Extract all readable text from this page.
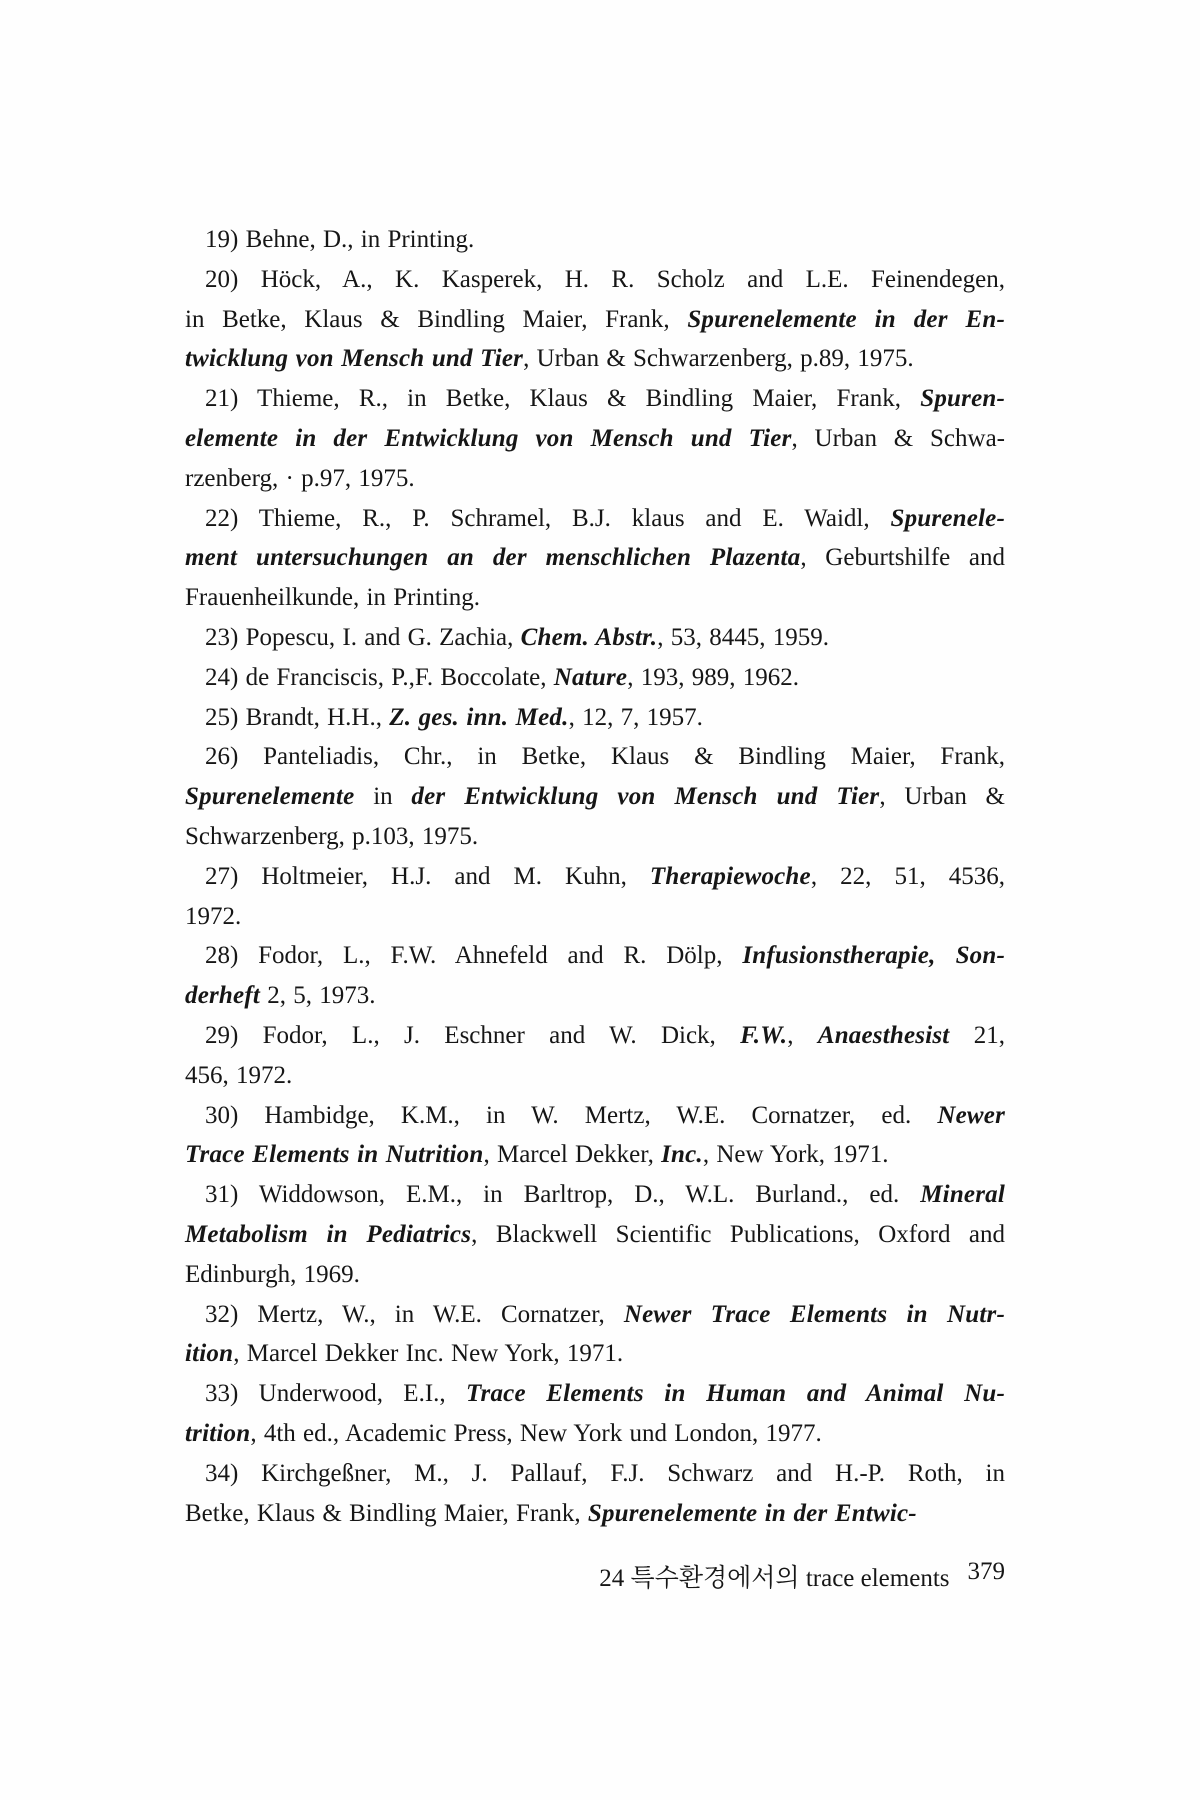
19) Behne, D., in Printing.
20) Höck, A., K. Kasperek, H. R. Scholz and L.E. Feinendegen,
in Betke, Klaus & Bindling Maier, Frank, Spurenelemente in der En-
twicklung von Mensch und Tier, Urban & Schwarzenberg, p.89, 1975.
21) Thieme, R., in Betke, Klaus & Bindling Maier, Frank, Spuren-
elemente in der Entwicklung von Mensch und Tier, Urban & Schwa-
rzenberg, · p.97, 1975.
22) Thieme, R., P. Schramel, B.J. klaus and E. Waidl, Spurenele-
ment untersuchungen an der menschlichen Plazenta, Geburtshilfe and
Frauenheilkunde, in Printing.
23) Popescu, I. and G. Zachia, Chem. Abstr., 53, 8445, 1959.
24) de Franciscis, P.,F. Boccolate, Nature, 193, 989, 1962.
25) Brandt, H.H., Z. ges. inn. Med., 12, 7, 1957.
26) Panteliadis, Chr., in Betke, Klaus & Bindling Maier, Frank,
Spurenelemente in der Entwicklung von Mensch und Tier, Urban &
Schwarzenberg, p.103, 1975.
27) Holtmeier, H.J. and M. Kuhn, Therapiewoche, 22, 51, 4536,
1972.
28) Fodor, L., F.W. Ahnefeld and R. Dölp, Infusionstherapie, Son-
derheft 2, 5, 1973.
29) Fodor, L., J. Eschner and W. Dick, F.W., Anaesthesist 21,
456, 1972.
30) Hambidge, K.M., in W. Mertz, W.E. Cornatzer, ed. Newer
Trace Elements in Nutrition, Marcel Dekker, Inc., New York, 1971.
31) Widdowson, E.M., in Barltrop, D., W.L. Burland., ed. Mineral
Metabolism in Pediatrics, Blackwell Scientific Publications, Oxford and
Edinburgh, 1969.
32) Mertz, W., in W.E. Cornatzer, Newer Trace Elements in Nutr-
ition, Marcel Dekker Inc. New York, 1971.
33) Underwood, E.I., Trace Elements in Human and Animal Nu-
trition, 4th ed., Academic Press, New York und London, 1977.
34) Kirchgeßner, M., J. Pallauf, F.J. Schwarz and H.-P. Roth, in
Betke, Klaus & Bindling Maier, Frank, Spurenelemente in der Entwic-
24 특수환경에서의 trace elements 379
